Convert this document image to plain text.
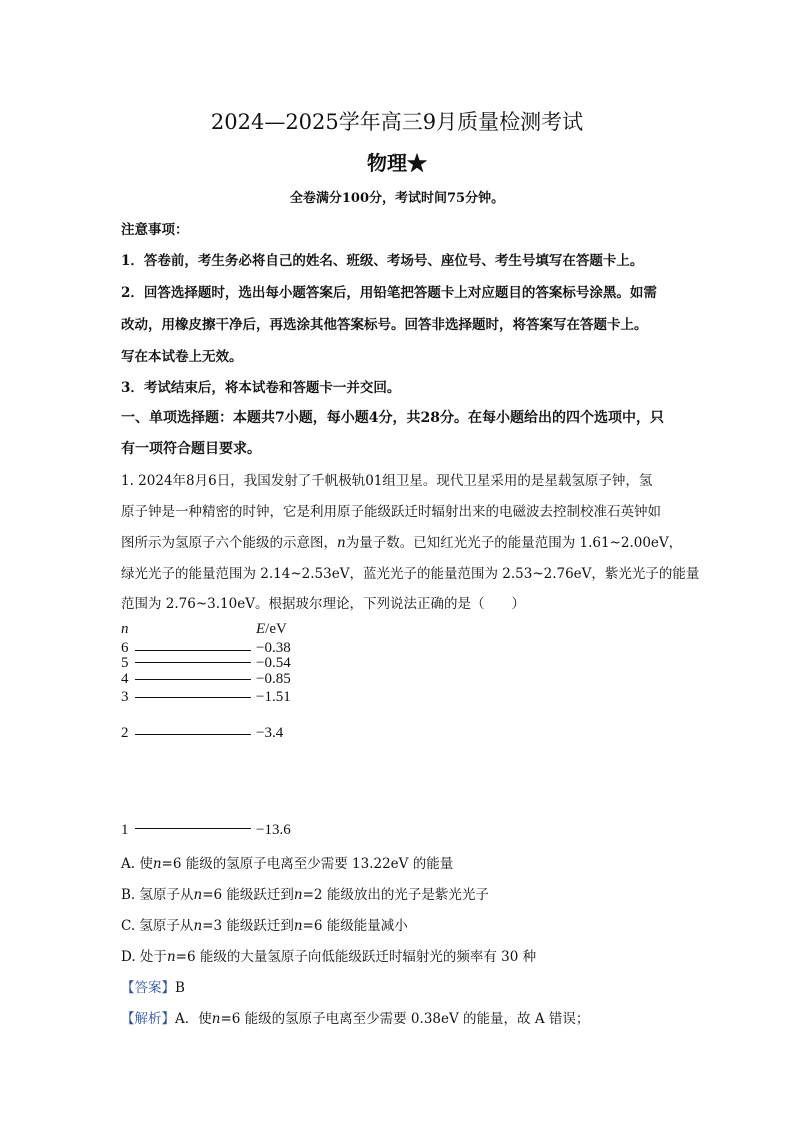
2024—2025学年高三9月质量检测考试
物理★
全卷满分100分，考试时间75分钟。
注意事项：
1．答卷前，考生务必将自己的姓名、班级、考场号、座位号、考生号填写在答题卡上。
2．回答选择题时，选出每小题答案后，用铅笔把答题卡上对应题目的答案标号涂黑。如需
改动，用橡皮擦干净后，再选涂其他答案标号。回答非选择题时，将答案写在答题卡上。
写在本试卷上无效。
3．考试结束后，将本试卷和答题卡一并交回。
一、单项选择题：本题共7小题，每小题4分，共28分。在每小题给出的四个选项中，只
有一项符合题目要求。
1. 2024年8月6日，我国发射了千帆极轨01组卫星。现代卫星采用的是星载氢原子钟，氢
原子钟是一种精密的时钟，它是利用原子能级跃迁时辐射出来的电磁波去控制校准石英钟如
图所示为氢原子六个能级的示意图，n为量子数。已知红光光子的能量范围为 1.61~2.00eV，
绿光光子的能量范围为 2.14~2.53eV，蓝光光子的能量范围为 2.53~2.76eV，紫光光子的能量
范围为 2.76~3.10eV。根据玻尔理论，下列说法正确的是（　　）
n	E/eV
6	−0.38
5	−0.54
4	−0.85
3	−1.51
2	−3.4
1	−13.6
A. 使n=6 能级的氢原子电离至少需要 13.22eV 的能量
B. 氢原子从n=6 能级跃迁到n=2 能级放出的光子是紫光光子
C. 氢原子从n=3 能级跃迁到n=6 能级能量减小
D. 处于n=6 能级的大量氢原子向低能级跃迁时辐射光的频率有 30 种
【答案】B
【解析】A．使n=6 能级的氢原子电离至少需要 0.38eV 的能量，故 A 错误；
